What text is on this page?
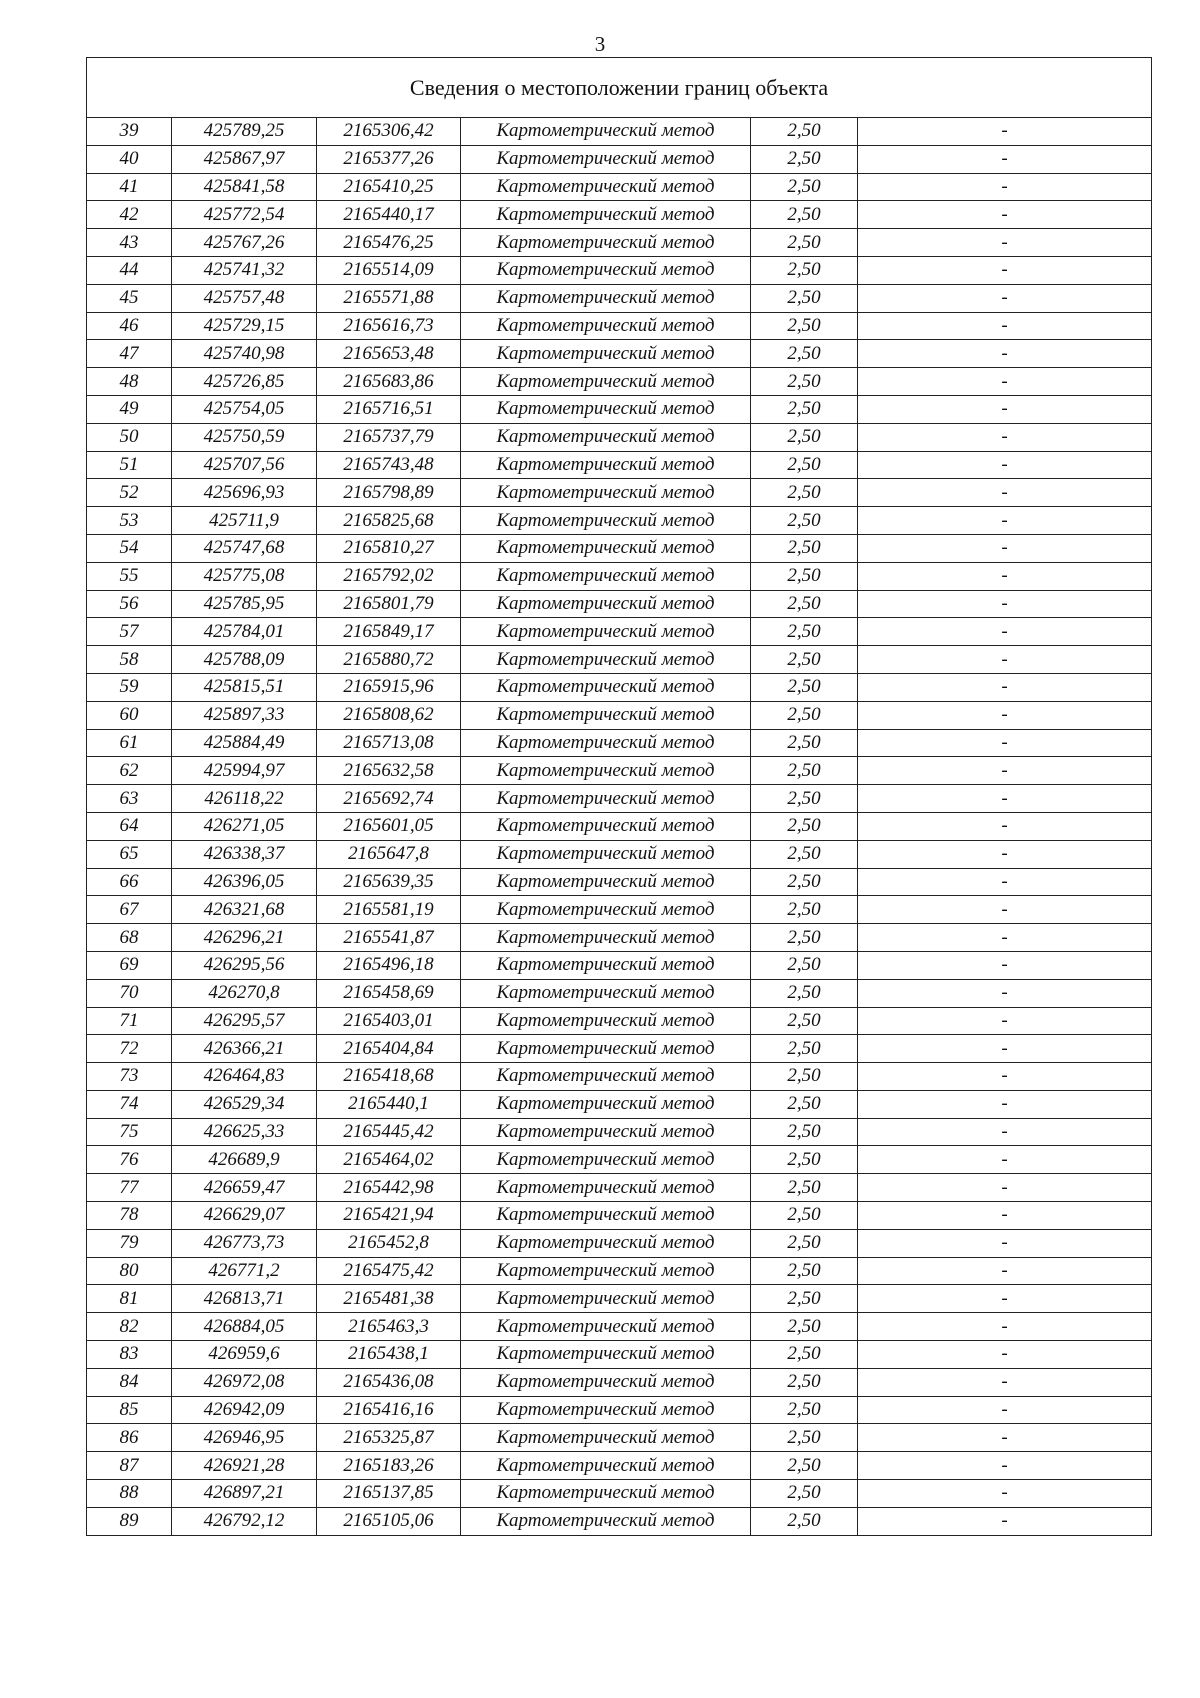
3
Сведения о местоположении границ объекта					
39	425789,25	2165306,42	Картометрический метод	2,50	-
40	425867,97	2165377,26	Картометрический метод	2,50	-
41	425841,58	2165410,25	Картометрический метод	2,50	-
42	425772,54	2165440,17	Картометрический метод	2,50	-
43	425767,26	2165476,25	Картометрический метод	2,50	-
44	425741,32	2165514,09	Картометрический метод	2,50	-
45	425757,48	2165571,88	Картометрический метод	2,50	-
46	425729,15	2165616,73	Картометрический метод	2,50	-
47	425740,98	2165653,48	Картометрический метод	2,50	-
48	425726,85	2165683,86	Картометрический метод	2,50	-
49	425754,05	2165716,51	Картометрический метод	2,50	-
50	425750,59	2165737,79	Картометрический метод	2,50	-
51	425707,56	2165743,48	Картометрический метод	2,50	-
52	425696,93	2165798,89	Картометрический метод	2,50	-
53	425711,9	2165825,68	Картометрический метод	2,50	-
54	425747,68	2165810,27	Картометрический метод	2,50	-
55	425775,08	2165792,02	Картометрический метод	2,50	-
56	425785,95	2165801,79	Картометрический метод	2,50	-
57	425784,01	2165849,17	Картометрический метод	2,50	-
58	425788,09	2165880,72	Картометрический метод	2,50	-
59	425815,51	2165915,96	Картометрический метод	2,50	-
60	425897,33	2165808,62	Картометрический метод	2,50	-
61	425884,49	2165713,08	Картометрический метод	2,50	-
62	425994,97	2165632,58	Картометрический метод	2,50	-
63	426118,22	2165692,74	Картометрический метод	2,50	-
64	426271,05	2165601,05	Картометрический метод	2,50	-
65	426338,37	2165647,8	Картометрический метод	2,50	-
66	426396,05	2165639,35	Картометрический метод	2,50	-
67	426321,68	2165581,19	Картометрический метод	2,50	-
68	426296,21	2165541,87	Картометрический метод	2,50	-
69	426295,56	2165496,18	Картометрический метод	2,50	-
70	426270,8	2165458,69	Картометрический метод	2,50	-
71	426295,57	2165403,01	Картометрический метод	2,50	-
72	426366,21	2165404,84	Картометрический метод	2,50	-
73	426464,83	2165418,68	Картометрический метод	2,50	-
74	426529,34	2165440,1	Картометрический метод	2,50	-
75	426625,33	2165445,42	Картометрический метод	2,50	-
76	426689,9	2165464,02	Картометрический метод	2,50	-
77	426659,47	2165442,98	Картометрический метод	2,50	-
78	426629,07	2165421,94	Картометрический метод	2,50	-
79	426773,73	2165452,8	Картометрический метод	2,50	-
80	426771,2	2165475,42	Картометрический метод	2,50	-
81	426813,71	2165481,38	Картометрический метод	2,50	-
82	426884,05	2165463,3	Картометрический метод	2,50	-
83	426959,6	2165438,1	Картометрический метод	2,50	-
84	426972,08	2165436,08	Картометрический метод	2,50	-
85	426942,09	2165416,16	Картометрический метод	2,50	-
86	426946,95	2165325,87	Картометрический метод	2,50	-
87	426921,28	2165183,26	Картометрический метод	2,50	-
88	426897,21	2165137,85	Картометрический метод	2,50	-
89	426792,12	2165105,06	Картометрический метод	2,50	-
